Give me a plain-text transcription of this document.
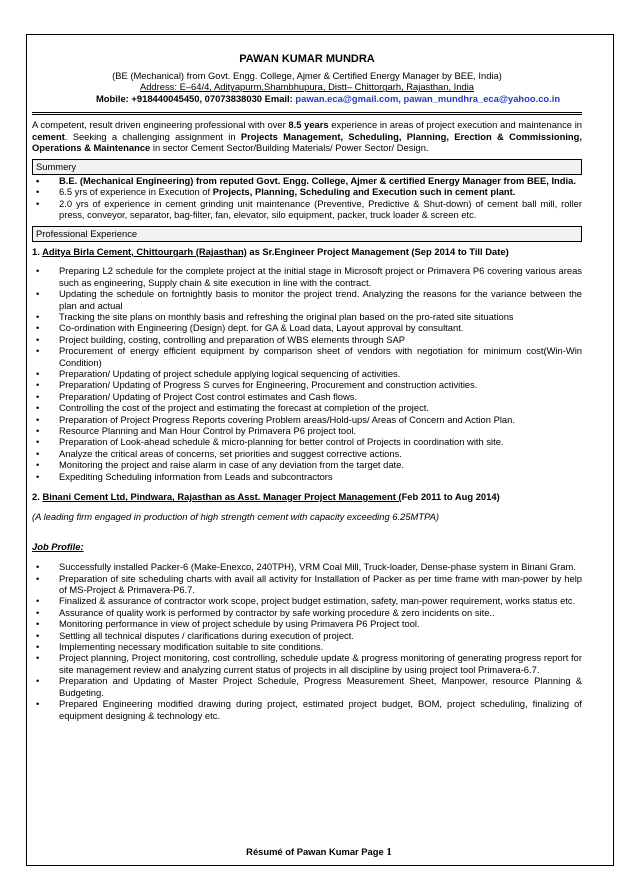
PAWAN KUMAR MUNDRA
(BE (Mechanical) from Govt. Engg. College, Ajmer & Certified Energy Manager by BEE, India)
Address: E–64/4, Adityapurm,Shambhupura, Distt– Chittorgarh, Rajasthan, India
Mobile: +918440045450, 07073838030 Email: pawan.eca@gmail.com, pawan_mundhra_eca@yahoo.co.in
A competent, result driven engineering professional with over 8.5 years experience in areas of project execution and maintenance in cement. Seeking a challenging assignment in Projects Management, Scheduling, Planning, Erection & Commissioning, Operations & Maintenance in sector Cement Sector/Building Materials/ Power Sector/ Design.
Summery
• B.E. (Mechanical Engineering) from reputed Govt. Engg. College, Ajmer & certified Energy Manager from BEE, India.
• 6.5 yrs of experience in Execution of Projects, Planning, Scheduling and Execution such in cement plant.
• 2.0 yrs of experience in cement grinding unit maintenance (Preventive, Predictive & Shut-down) of cement ball mill, roller press, conveyor, separator, bag-filter, fan, elevator, silo equipment, packer, truck loader & screen etc.
Professional Experience
1. Aditya Birla Cement, Chittourgarh (Rajasthan) as Sr.Engineer Project Management (Sep 2014 to Till Date)
• Preparing L2 schedule for the complete project at the initial stage in Microsoft project or Primavera P6 covering various areas such as engineering, Supply chain & site execution in line with the contract.
• Updating the schedule on fortnightly basis to monitor the project trend. Analyzing the reasons for the variance between the plan and actual
• Tracking the site plans on monthly basis and refreshing the original plan based on the pro-rated site situations
• Co-ordination with Engineering (Design) dept. for GA & Load data, Layout approval by consultant.
• Project building, costing, controlling and preparation of WBS elements through SAP
• Procurement of energy efficient equipment by comparison sheet of vendors with negotiation for minimum cost(Win-Win Condition)
• Preparation/ Updating of project schedule applying logical sequencing of activities.
• Preparation/ Updating of Progress S curves for Engineering, Procurement and construction activities.
• Preparation/ Updating of Project Cost control estimates and Cash flows.
• Controlling the cost of the project and estimating the forecast at completion of the project.
• Preparation of Project Progress Reports covering Problem areas/Hold-ups/ Areas of Concern and Action Plan.
• Resource Planning and Man Hour Control by Primavera P6 project tool.
• Preparation of Look-ahead schedule & micro-planning for better control of Projects in coordination with site.
• Analyze the critical areas of concerns, set priorities and suggest corrective actions.
• Monitoring the project and raise alarm in case of any deviation from the target date.
• Expediting Scheduling information from Leads and subcontractors
2. Binani Cement Ltd, Pindwara, Rajasthan as Asst. Manager Project Management (Feb 2011 to Aug 2014)
(A leading firm engaged in production of high strength cement with capacity exceeding 6.25MTPA)
Job Profile:
• Successfully installed Packer-6 (Make-Enexco, 240TPH), VRM Coal Mill, Truck-loader, Dense-phase system in Binani Gram.
• Preparation of site scheduling charts with avail all activity for Installation of Packer as per time frame with man-power by help of MS-Project & Primavera-P6.7.
• Finalized & assurance of contractor work scope, project budget estimation, safety, man-power requirement, works status etc.
• Assurance of quality work is performed by contractor by safe working procedure & zero incidents on site..
• Monitoring performance in view of project schedule by using Primavera P6 Project tool.
• Settling all technical disputes / clarifications during execution of project.
• Implementing necessary modification suitable to site conditions.
• Project planning, Project monitoring, cost controlling, schedule update & progress monitoring of generating progress report for site management review and analyzing current status of projects in all discipline by using project tool Primavera-6.7.
• Preparation and Updating of Master Project Schedule, Progress Measurement Sheet, Manpower, resource Planning & Budgeting.
• Prepared Engineering modified drawing during project, estimated project budget, BOM, project scheduling, finalizing of equipment designing & technology etc.
Résumé of Pawan Kumar Page 1
